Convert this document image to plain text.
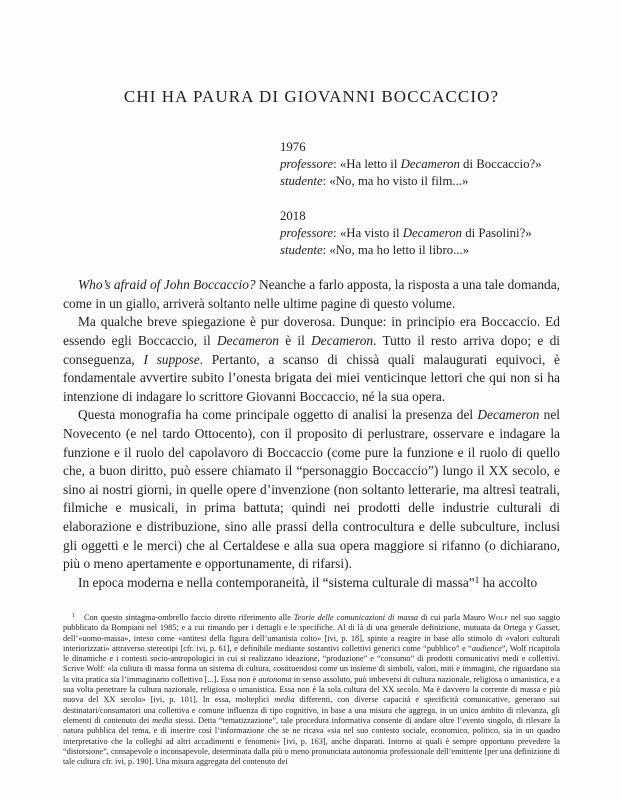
CHI HA PAURA DI GIOVANNI BOCCACCIO?
1976
professore: «Ha letto il Decameron di Boccaccio?»
studente: «No, ma ho visto il film...»
2018
professore: «Ha visto il Decameron di Pasolini?»
studente: «No, ma ho letto il libro...»

Who’s afraid of John Boccaccio? Neanche a farlo apposta, la risposta a una tale domanda, come in un giallo, arriverà soltanto nelle ultime pagine di questo volume.

Ma qualche breve spiegazione è pur doverosa. Dunque: in principio era Boccaccio. Ed essendo egli Boccaccio, il Decameron è il Decameron. Tutto il resto arriva dopo; e di conseguenza, I suppose. Pertanto, a scanso di chissà quali malaugurati equivoci, è fondamentale avvertire subito l’onesta brigata dei miei venticinque lettori che qui non si ha intenzione di indagare lo scrittore Giovanni Boccaccio, né la sua opera.

Questa monografia ha come principale oggetto di analisi la presenza del Decameron nel Novecento (e nel tardo Ottocento), con il proposito di perlustrare, osservare e indagare la funzione e il ruolo del capolavoro di Boccaccio (come pure la funzione e il ruolo di quello che, a buon diritto, può essere chiamato il “personaggio Boccaccio”) lungo il XX secolo, e sino ai nostri giorni, in quelle opere d’invenzione (non soltanto letterarie, ma altresì teatrali, filmiche e musicali, in prima battuta; quindi nei prodotti delle industrie culturali di elaborazione e distribuzione, sino alle prassi della controcultura e delle subculture, inclusi gli oggetti e le merci) che al Certaldese e alla sua opera maggiore si rifanno (o dichiarano, più o meno apertamente e opportunamente, di rifarsi).

In epoca moderna e nella contemporaneità, il “sistema culturale di massa”$^1$ ha accolto

$^1$ Con questo sintagma-ombrello faccio diretto riferimento alle Teorie delle comunicazioni di massa di cui parla Mauro Wolf nel suo saggio pubblicato da Bompiani nel 1985; e a cui rimando per i dettagli e le specifiche. Al di là di una generale definizione, mutuata da Ortega y Gasset, dell’«uomo-massa», inteso come «antitesi della figura dell’umanista colto» [ivi, p. 18], spinto a reagire in base allo stimolo di «valori culturali interiorizzati» attraverso stereotipi [cfr. ivi, p. 61], e definibile mediante sostantivi collettivi generici come “pubblico” e “audience”, Wolf ricapitola le dinamiche e i contesti socio-antropologici in cui si realizzano ideazione, “produzione” e “consumo” di prodotti comunicativi medi e collettivi. Scrive Wolf: «la cultura di massa forma un sistema di cultura, costituendosi come un insieme di simboli, valori, miti e immagini, che riguardano sia la vita pratica sia l’immaginario collettivo [...]. Essa non è autonoma in senso assoluto, può imbeversi di cultura nazionale, religiosa o umanistica, e a sua volta penetrare la cultura nazionale, religiosa o umanistica. Essa non è la sola cultura del XX secolo. Ma è davvero la corrente di massa e più nuova del XX secolo» [ivi, p. 101]. In essa, molteplici media differenti, con diverse capacità e specificità comunicative, generano sui destinatari/consumatori una collettiva e comune influenza di tipo cognitivo, in base a una misura che aggrega, in un unico ambito di rilevanza, gli elementi di contenuto dei media stessi. Detta “tematizzazione”, tale procedura informativa consente di andare oltre l’evento singolo, di rilevare la natura pubblica del tema, e di inserire così l’informazione che se ne ricava «sia nel suo contesto sociale, economico, politico, sia in un quadro interpretativo che la colleghi ad altri accadimenti e fenomeni» [ivi, p. 163], anche disparati. Intorno ai quali è sempre opportuno prevedere la “distorsione”, consapevole o inconsapevole, determinata dalla più o meno pronunciata autonomia professionale dell’emittente [per una definizione di tale cultura cfr. ivi, p. 190]. Una misura aggregata del contenuto dei
